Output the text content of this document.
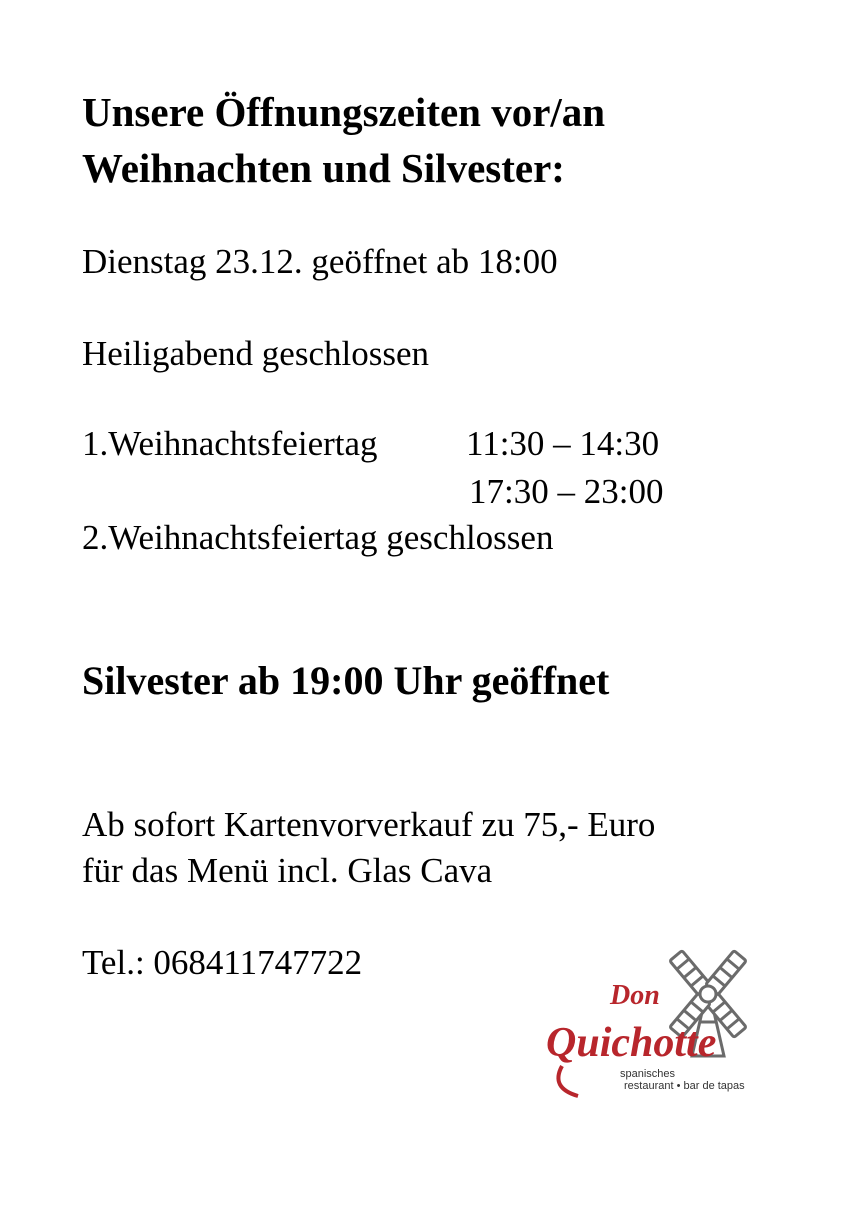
Unsere Öffnungszeiten vor/an
Weihnachten und Silvester:

Dienstag 23.12. geöffnet ab 18:00

Heiligabend geschlossen

1.Weihnachtsfeiertag	11:30 – 14:30

17:30 – 23:00

2.Weihnachtsfeiertag geschlossen

Silvester ab 19:00 Uhr geöffnet

Ab sofort Kartenvorverkauf zu 75,- Euro

für das Menü incl. Glas Cava

Tel.: 068411747722

Don
Quichotte
spanisches
restaurant • bar de tapas
